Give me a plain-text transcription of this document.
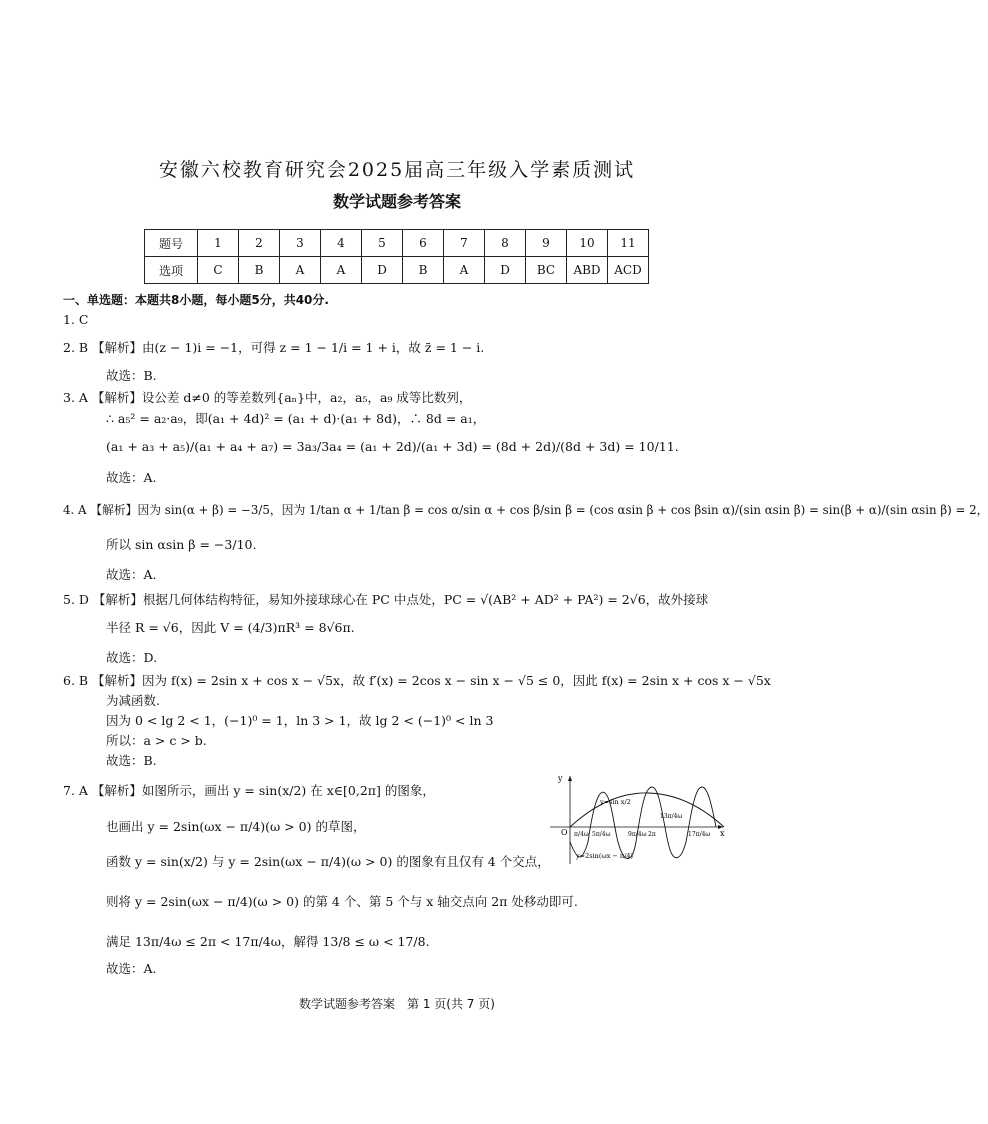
安徽六校教育研究会2025届高三年级入学素质测试
数学试题参考答案
题号	1	2	3	4	5	6	7	8	9	10	11
选项	C	B	A	A	D	B	A	D	BC	ABD	ACD
一、单选题：本题共8小题，每小题5分，共40分.
1. C
2. B 【解析】由(z − 1)i = −1，可得 z = 1 − 1/i = 1 + i，故 z̄ = 1 − i.
故选：B.
3. A 【解析】设公差 d≠0 的等差数列{aₙ}中，a₂，a₅，a₉ 成等比数列，
∴ a₅² = a₂·a₉，即(a₁ + 4d)² = (a₁ + d)·(a₁ + 8d)，∴ 8d = a₁，
(a₁ + a₃ + a₅)/(a₁ + a₄ + a₇) = 3a₃/3a₄ = (a₁ + 2d)/(a₁ + 3d) = (8d + 2d)/(8d + 3d) = 10/11.
故选：A.
4. A 【解析】因为 sin(α + β) = −3/5，因为 1/tan α + 1/tan β = cos α/sin α + cos β/sin β = (cos αsin β + cos βsin α)/(sin αsin β) = sin(β + α)/(sin αsin β) = 2，
所以 sin αsin β = −3/10.
故选：A.
5. D 【解析】根据几何体结构特征，易知外接球球心在 PC 中点处，PC = √(AB² + AD² + PA²) = 2√6，故外接球
半径 R = √6，因此 V = (4/3)πR³ = 8√6π.
故选：D.
6. B 【解析】因为 f(x) = 2sin x + cos x − √5x，故 f′(x) = 2cos x − sin x − √5 ≤ 0，因此 f(x) = 2sin x + cos x − √5x
为减函数.
因为 0 < lg 2 < 1，(−1)⁰ = 1，ln 3 > 1，故 lg 2 < (−1)⁰ < ln 3
所以：a > c > b.
故选：B.
7. A 【解析】如图所示，画出 y = sin(x/2) 在 x∈[0,2π] 的图象，
也画出 y = 2sin(ωx − π/4)(ω > 0) 的草图，
函数 y = sin(x/2) 与 y = 2sin(ωx − π/4)(ω > 0) 的图象有且仅有 4 个交点，
则将 y = 2sin(ωx − π/4)(ω > 0) 的第 4 个、第 5 个与 x 轴交点向 2π 处移动即可.
满足 13π/4ω ≤ 2π < 17π/4ω，解得 13/8 ≤ ω < 17/8.
故选：A.
y
x
O
y=sin x/2
y=2sin(ωx − π/4)
π/4ω 5π/4ω	9π/4ω 2π
13π/4ω
17π/4ω
数学试题参考答案　第 1 页(共 7 页)
